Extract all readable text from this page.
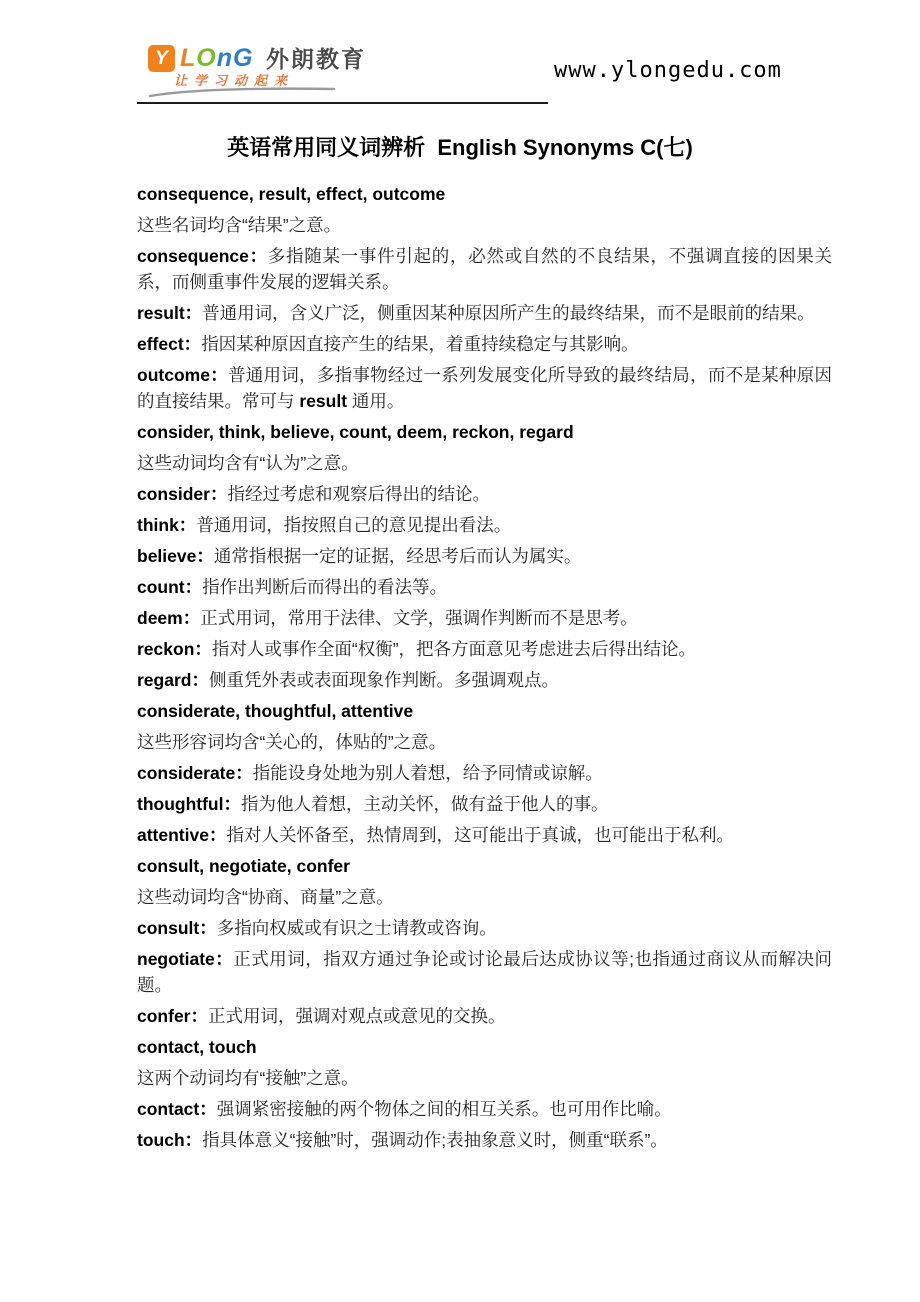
Y LOnG 外朗教育
让学习动起来	www.ylongedu.com
英语常用同义词辨析  English Synonyms C(七)

consequence, result, effect, outcome

这些名词均含“结果”之意。

consequence：多指随某一事件引起的，必然或自然的不良结果，不强调直接的因果关系，而侧重事件发展的逻辑关系。

result：普通用词，含义广泛，侧重因某种原因所产生的最终结果，而不是眼前的结果。

effect：指因某种原因直接产生的结果，着重持续稳定与其影响。

outcome：普通用词，多指事物经过一系列发展变化所导致的最终结局，而不是某种原因的直接结果。常可与 result 通用。

consider, think, believe, count, deem, reckon, regard

这些动词均含有“认为”之意。

consider：指经过考虑和观察后得出的结论。

think：普通用词，指按照自己的意见提出看法。

believe：通常指根据一定的证据，经思考后而认为属实。

count：指作出判断后而得出的看法等。

deem：正式用词，常用于法律、文学，强调作判断而不是思考。

reckon：指对人或事作全面“权衡”，把各方面意见考虑进去后得出结论。

regard：侧重凭外表或表面现象作判断。多强调观点。

considerate, thoughtful, attentive

这些形容词均含“关心的，体贴的”之意。

considerate：指能设身处地为别人着想，给予同情或谅解。

thoughtful：指为他人着想，主动关怀，做有益于他人的事。

attentive：指对人关怀备至，热情周到，这可能出于真诚，也可能出于私利。

consult, negotiate, confer

这些动词均含“协商、商量”之意。

consult：多指向权威或有识之士请教或咨询。

negotiate：正式用词，指双方通过争论或讨论最后达成协议等;也指通过商议从而解决问题。

confer：正式用词，强调对观点或意见的交换。

contact, touch

这两个动词均有“接触”之意。

contact：强调紧密接触的两个物体之间的相互关系。也可用作比喻。

touch：指具体意义“接触”时，强调动作;表抽象意义时，侧重“联系”。
